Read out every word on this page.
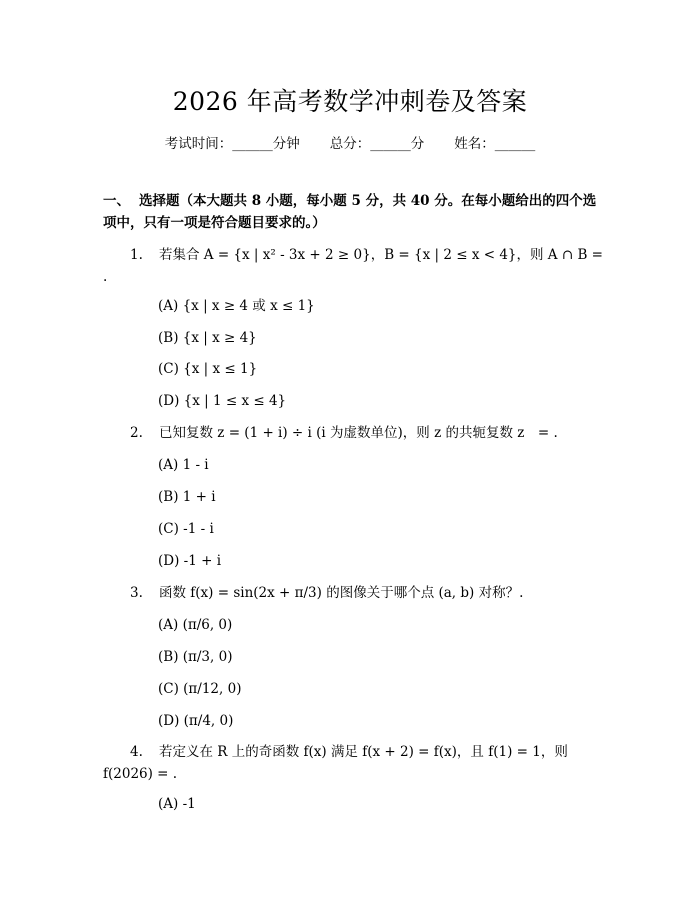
2026 年高考数学冲刺卷及答案
考试时间：______分钟 总分：______分 姓名：______
一、 选择题（本大题共 8 小题，每小题 5 分，共 40 分。在每小题给出的四个选项中，只有一项是符合题目要求的。）
1. 若集合 A = {x | x² - 3x + 2 ≥ 0}，B = {x | 2 ≤ x < 4}，则 A ∩ B = .
(A) {x | x ≥ 4 或 x ≤ 1}
(B) {x | x ≥ 4}
(C) {x | x ≤ 1}
(D) {x | 1 ≤ x ≤ 4}
2. 已知复数 z = (1 + i) ÷ i (i 为虚数单位)，则 z 的共轭复数 z　= .
(A) 1 - i
(B) 1 + i
(C) -1 - i
(D) -1 + i
3. 函数 f(x) = sin(2x + π/3) 的图像关于哪个点 (a, b) 对称？.
(A) (π/6, 0)
(B) (π/3, 0)
(C) (π/12, 0)
(D) (π/4, 0)
4. 若定义在 R 上的奇函数 f(x) 满足 f(x + 2) = f(x)，且 f(1) = 1，则 f(2026) = .
(A) -1
